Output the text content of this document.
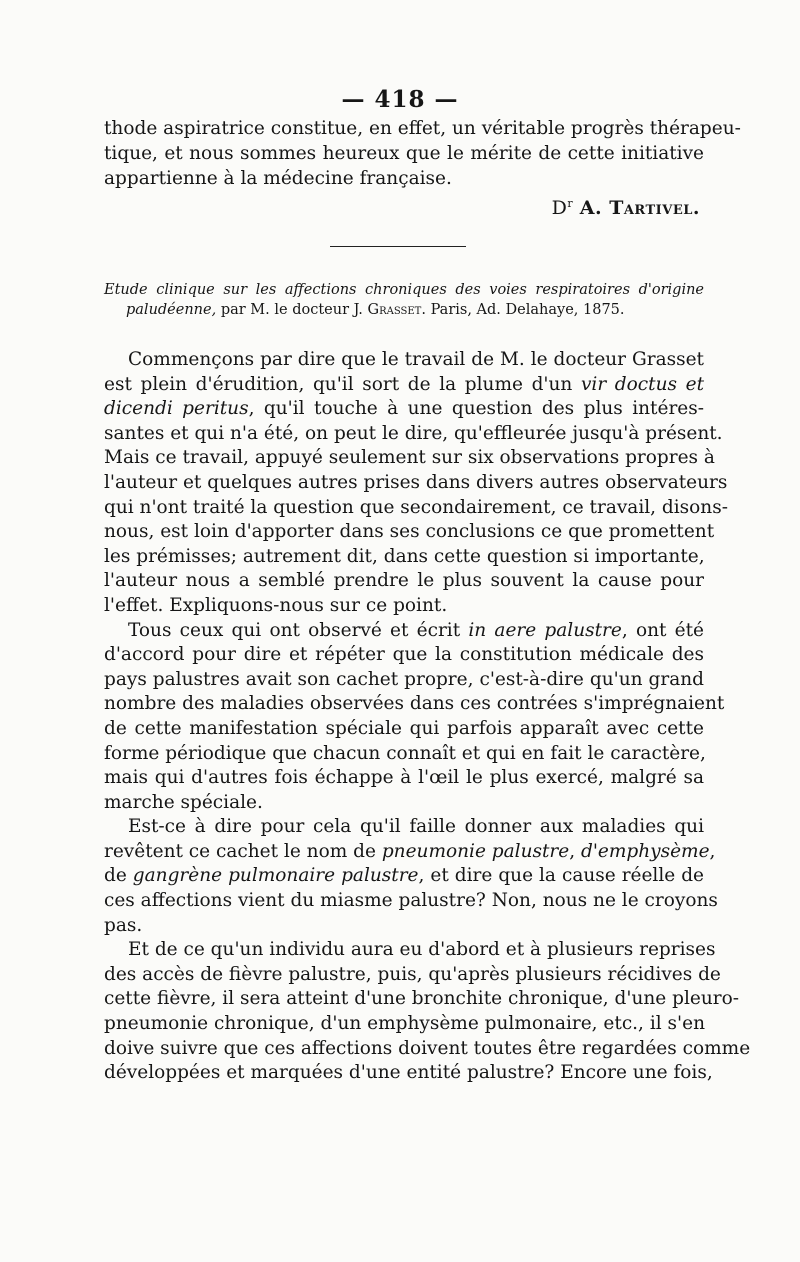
— 418 —
thode aspiratrice constitue, en effet, un véritable progrès thérapeu-
tique, et nous sommes heureux que le mérite de cette initiative
appartienne à la médecine française.
$D^r$ A. Tartivel.
Etude clinique sur les affections chroniques des voies respiratoires d'origine
paludéenne, par M. le docteur J. Grasset. Paris, Ad. Delahaye, 1875.
Commençons par dire que le travail de M. le docteur Grasset
est plein d'érudition, qu'il sort de la plume d'un vir doctus et
dicendi peritus, qu'il touche à une question des plus intéres-
santes et qui n'a été, on peut le dire, qu'effleurée jusqu'à présent.
Mais ce travail, appuyé seulement sur six observations propres à
l'auteur et quelques autres prises dans divers autres observateurs
qui n'ont traité la question que secondairement, ce travail, disons-
nous, est loin d'apporter dans ses conclusions ce que promettent
les prémisses; autrement dit, dans cette question si importante,
l'auteur nous a semblé prendre le plus souvent la cause pour
l'effet. Expliquons-nous sur ce point.
Tous ceux qui ont observé et écrit in aere palustre, ont été
d'accord pour dire et répéter que la constitution médicale des
pays palustres avait son cachet propre, c'est-à-dire qu'un grand
nombre des maladies observées dans ces contrées s'imprégnaient
de cette manifestation spéciale qui parfois apparaît avec cette
forme périodique que chacun connaît et qui en fait le caractère,
mais qui d'autres fois échappe à l'œil le plus exercé, malgré sa
marche spéciale.
Est-ce à dire pour cela qu'il faille donner aux maladies qui
revêtent ce cachet le nom de pneumonie palustre, d'emphysème,
de gangrène pulmonaire palustre, et dire que la cause réelle de
ces affections vient du miasme palustre? Non, nous ne le croyons
pas.
Et de ce qu'un individu aura eu d'abord et à plusieurs reprises
des accès de fièvre palustre, puis, qu'après plusieurs récidives de
cette fièvre, il sera atteint d'une bronchite chronique, d'une pleuro-
pneumonie chronique, d'un emphysème pulmonaire, etc., il s'en
doive suivre que ces affections doivent toutes être regardées comme
développées et marquées d'une entité palustre? Encore une fois,
